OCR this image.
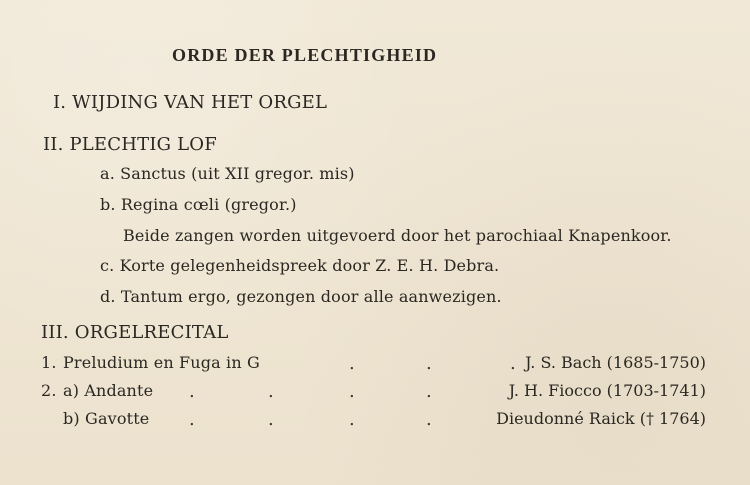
ORDE DER PLECHTIGHEID
I. WIJDING VAN HET ORGEL
II. PLECHTIG LOF
a. Sanctus (uit XII gregor. mis)
b. Regina cœli (gregor.)
Beide zangen worden uitgevoerd door het parochiaal Knapenkoor.
c. Korte gelegenheidspreek door Z. E. H. Debra.
d. Tantum ergo, gezongen door alle aanwezigen.
III. ORGELRECITAL
1. Preludium en Fuga in G	.	.	. J. S. Bach (1685-1750)
2. a) Andante .	.	.	.	J. H. Fiocco (1703-1741)
b) Gavotte .	.	.	.	Dieudonné Raick († 1764)
